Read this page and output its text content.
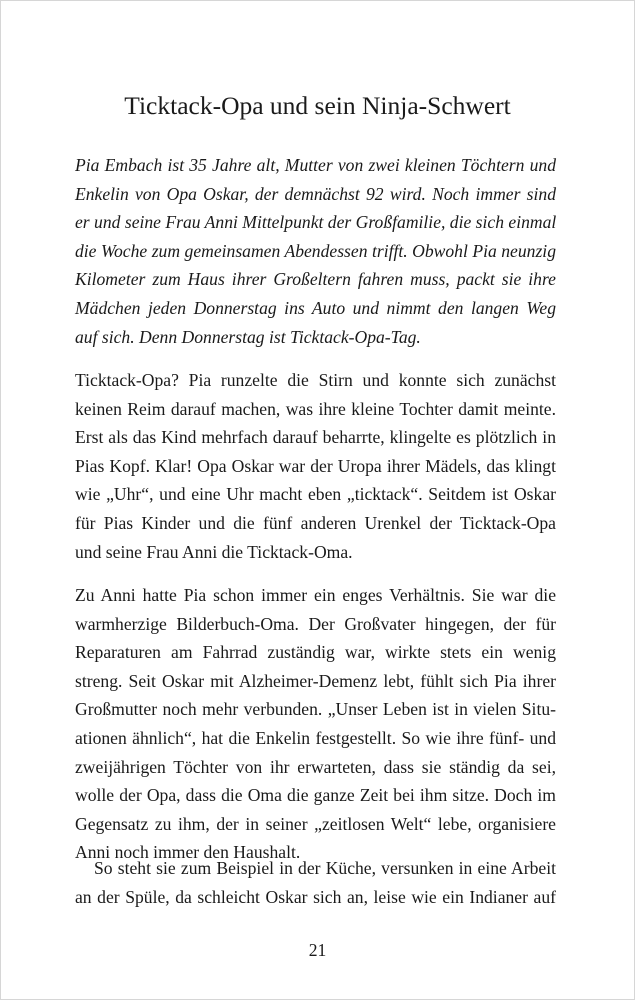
Ticktack-Opa und sein Ninja-Schwert
Pia Embach ist 35 Jahre alt, Mutter von zwei kleinen Töchtern und
Enkelin von Opa Oskar, der demnächst 92 wird. Noch immer sind
er und seine Frau Anni Mittelpunkt der Großfamilie, die sich einmal
die Woche zum gemeinsamen Abendessen trifft. Obwohl Pia neunzig
Kilometer zum Haus ihrer Großeltern fahren muss, packt sie ihre
Mädchen jeden Donnerstag ins Auto und nimmt den langen Weg
auf sich. Denn Donnerstag ist Ticktack-Opa-Tag.
Ticktack-Opa? Pia runzelte die Stirn und konnte sich zunächst
keinen Reim darauf machen, was ihre kleine Tochter damit meinte.
Erst als das Kind mehrfach darauf beharrte, klingelte es plötzlich in
Pias Kopf. Klar! Opa Oskar war der Uropa ihrer Mädels, das klingt
wie „Uhr“, und eine Uhr macht eben „ticktack“. Seitdem ist Oskar
für Pias Kinder und die fünf anderen Urenkel der Ticktack-Opa
und seine Frau Anni die Ticktack-Oma.
Zu Anni hatte Pia schon immer ein enges Verhältnis. Sie war die
warmherzige Bilderbuch-Oma. Der Großvater hingegen, der für
Reparaturen am Fahrrad zuständig war, wirkte stets ein wenig
streng. Seit Oskar mit Alzheimer-Demenz lebt, fühlt sich Pia ihrer
Großmutter noch mehr verbunden. „Unser Leben ist in vielen Situ-
ationen ähnlich“, hat die Enkelin festgestellt. So wie ihre fünf- und
zweijährigen Töchter von ihr erwarteten, dass sie ständig da sei,
wolle der Opa, dass die Oma die ganze Zeit bei ihm sitze. Doch im
Gegensatz zu ihm, der in seiner „zeitlosen Welt“ lebe, organisiere
Anni noch immer den Haushalt.
So steht sie zum Beispiel in der Küche, versunken in eine Arbeit
an der Spüle, da schleicht Oskar sich an, leise wie ein Indianer auf
21
